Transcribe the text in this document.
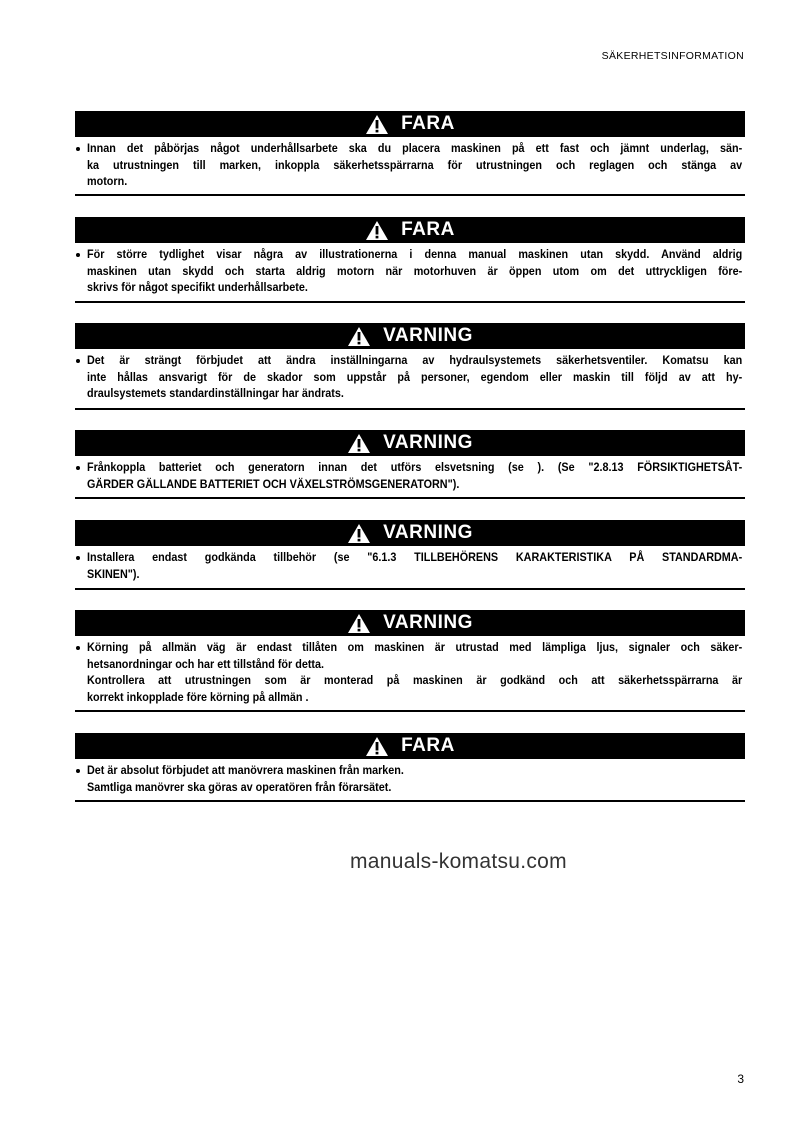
SÄKERHETSINFORMATION
FARA
Innan det påbörjas något underhållsarbete ska du placera maskinen på ett fast och jämnt underlag, sän-
ka utrustningen till marken, inkoppla säkerhetsspärrarna för utrustningen och reglagen och stänga av
motorn.
FARA
För större tydlighet visar några av illustrationerna i denna manual maskinen utan skydd. Använd aldrig
maskinen utan skydd och starta aldrig motorn när motorhuven är öppen utom om det uttryckligen före-
skrivs för något specifikt underhållsarbete.
VARNING
Det är strängt förbjudet att ändra inställningarna av hydraulsystemets säkerhetsventiler. Komatsu kan
inte hållas ansvarigt för de skador som uppstår på personer, egendom eller maskin till följd av att hy-
draulsystemets standardinställningar har ändrats.
VARNING
Frånkoppla batteriet och generatorn innan det utförs elsvetsning (se ). (Se "2.8.13 FÖRSIKTIGHETSÅT-
GÄRDER GÄLLANDE BATTERIET OCH VÄXELSTRÖMSGENERATORN").
VARNING
Installera endast godkända tillbehör (se "6.1.3 TILLBEHÖRENS KARAKTERISTIKA PÅ STANDARDMA-
SKINEN").
VARNING
Körning på allmän väg är endast tillåten om maskinen är utrustad med lämpliga ljus, signaler och säker-
hetsanordningar och har ett tillstånd för detta.
Kontrollera att utrustningen som är monterad på maskinen är godkänd och att säkerhetsspärrarna är
korrekt inkopplade före körning på allmän .
FARA
Det är absolut förbjudet att manövrera maskinen från marken.
Samtliga manövrer ska göras av operatören från förarsätet.
manuals-komatsu.com
3
